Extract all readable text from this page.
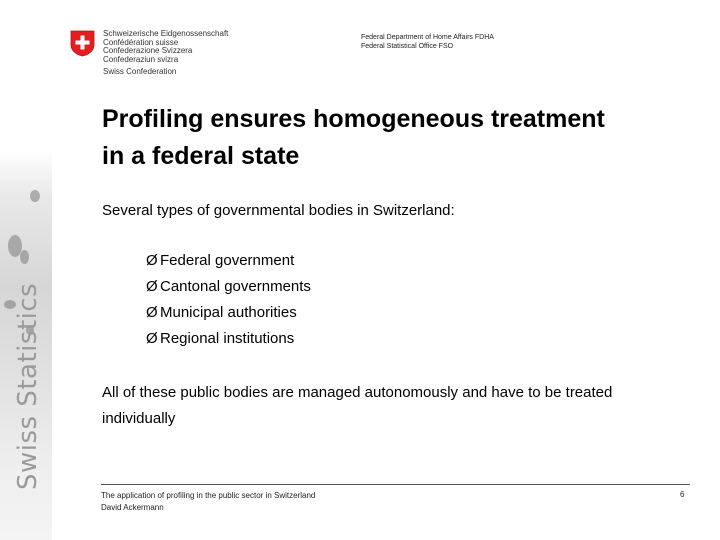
Swiss Statistics
Schweizerische Eidgenossenschaft
Confédération suisse
Confederazione Svizzera
Confederaziun svizra
Swiss Confederation
Federal Department of Home Affairs FDHA
Federal Statistical Office FSO
Profiling ensures homogeneous treatment
in a federal state
Several types of governmental bodies in Switzerland:
Ø Federal government
Ø Cantonal governments
Ø Municipal authorities
Ø Regional institutions
All of these public bodies are managed autonomously and have to be treated individually
The application of profiling in the public sector in Switzerland
David Ackermann
6
